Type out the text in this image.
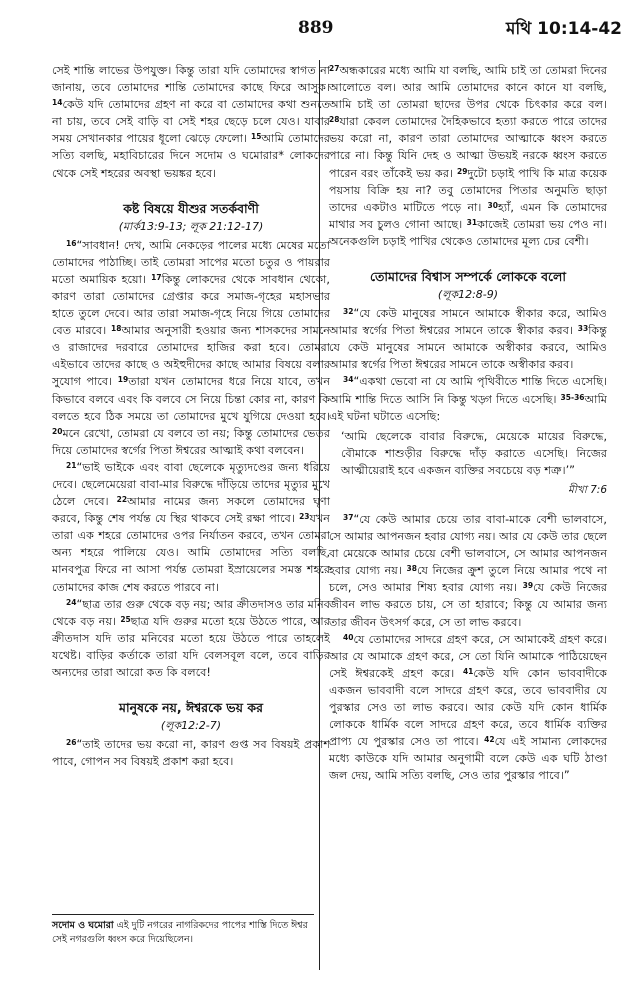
889	মথি 10:14-42

সেই শান্তি লাভের উপযুক্ত। কিন্তু তারা যদি তোমাদের স্বাগত না জানায়, তবে তোমাদের শান্তি তোমাদের কাছে ফিরে আসুক। $^{14}$কেউ যদি তোমাদের গ্রহণ না করে বা তোমাদের কথা শুনতে না চায়, তবে সেই বাড়ি বা সেই শহর ছেড়ে চলে যেও। যাবার সময় সেখানকার পায়ের ধূলো ঝেড়ে ফেলো। $^{15}$আমি তোমাদের সত্যি বলছি, মহাবিচারের দিনে সদোম ও ঘমোরার* লোকদের থেকে সেই শহরের অবস্থা ভয়ঙ্কর হবে।

কষ্ট বিষয়ে যীশুর সতর্কবাণী
(মার্ক13:9-13; লূক 21:12-17)

$^{16}$“সাবধান! দেখ, আমি নেকড়ের পালের মধ্যে মেষের মতো তোমাদের পাঠাচ্ছি। তাই তোমরা সাপের মতো চতুর ও পায়রার মতো অমায়িক হয়ো। $^{17}$কিন্তু লোকদের থেকে সাবধান থেকো, কারণ তারা তোমাদের গ্রেপ্তার করে সমাজ-গৃহের মহাসভার হাতে তুলে দেবে। আর তারা সমাজ-গৃহে নিয়ে গিয়ে তোমাদের বেত মারবে। $^{18}$আমার অনুসারী হওয়ার জন্য শাসকদের সামনে ও রাজাদের দরবারে তোমাদের হাজির করা হবে। তোমরা এইভাবে তাদের কাছে ও অইহুদীদের কাছে আমার বিষয়ে বলার সুযোগ পাবে। $^{19}$তারা যখন তোমাদের ধরে নিয়ে যাবে, তখন কিভাবে বলবে এবং কি বলবে সে নিয়ে চিন্তা কোর না, কারণ কি বলতে হবে ঠিক সময়ে তা তোমাদের মুখে যুগিয়ে দেওয়া হবে। $^{20}$মনে রেখো, তোমরা যে বলবে তা নয়; কিন্তু তোমাদের ভেতর দিয়ে তোমাদের স্বর্গের পিতা ঈশ্বরের আত্মাই কথা বলবেন।

$^{21}$“ভাই ভাইকে এবং বাবা ছেলেকে মৃত্যুদণ্ডের জন্য ধরিয়ে দেবে। ছেলেমেয়েরা বাবা-মার বিরুদ্ধে দাঁড়িয়ে তাদের মৃত্যুর মুখে ঠেলে দেবে। $^{22}$আমার নামের জন্য সকলে তোমাদের ঘৃণা করবে, কিন্তু শেষ পর্যন্ত যে স্থির থাকবে সেই রক্ষা পাবে। $^{23}$যখন তারা এক শহরে তোমাদের ওপর নির্যাতন করবে, তখন তোমরা অন্য শহরে পালিয়ে যেও। আমি তোমাদের সত্যি বলছি, মানবপুত্র ফিরে না আসা পর্যন্ত তোমরা ইস্রায়েলের সমস্ত শহরে তোমাদের কাজ শেষ করতে পারবে না।

$^{24}$“ছাত্র তার গুরু থেকে বড় নয়; আর ক্রীতদাসও তার মনিব থেকে বড় নয়। $^{25}$ছাত্র যদি গুরুর মতো হয়ে উঠতে পারে, আর ক্রীতদাস যদি তার মনিবের মতো হয়ে উঠতে পারে তাহলেই যথেষ্ট। বাড়ির কর্তাকে তারা যদি বেলসবূল বলে, তবে বাড়ির অন্যদের তারা আরো কত কি বলবে!

মানুষকে নয়, ঈশ্বরকে ভয় কর
(লূক12:2-7)

$^{26}$“তাই তাদের ভয় করো না, কারণ গুপ্ত সব বিষয়ই প্রকাশ পাবে, গোপন সব বিষয়ই প্রকাশ করা হবে।

সদোম ও ঘমোরা এই দুটি নগরের নাগরিকদের পাপের শাস্তি দিতে ঈশ্বর সেই নগরগুলি ধ্বংস করে দিয়েছিলেন।

$^{27}$অন্ধকারের মধ্যে আমি যা বলছি, আমি চাই তা তোমরা দিনের আলোতে বল। আর আমি তোমাদের কানে কানে যা বলছি, আমি চাই তা তোমরা ছাদের উপর থেকে চিৎকার করে বল। $^{28}$যারা কেবল তোমাদের দৈহিকভাবে হত্যা করতে পারে তাদের ভয় করো না, কারণ তারা তোমাদের আত্মাকে ধ্বংস করতে পারে না। কিন্তু যিনি দেহ ও আত্মা উভয়ই নরকে ধ্বংস করতে পারেন বরং তাঁকেই ভয় কর। $^{29}$দুটো চড়াই পাখি কি মাত্র কয়েক পয়সায় বিক্রি হয় না? তবু তোমাদের পিতার অনুমতি ছাড়া তাদের একটাও মাটিতে পড়ে না। $^{30}$হ্যাঁ, এমন কি তোমাদের মাথার সব চুলও গোনা আছে। $^{31}$কাজেই তোমরা ভয় পেও না। অনেকগুলি চড়াই পাখির থেকেও তোমাদের মূল্য ঢের বেশী।

তোমাদের বিশ্বাস সম্পর্কে লোককে বলো
(লূক12:8-9)

$^{32}$“যে কেউ মানুষের সামনে আমাকে স্বীকার করে, আমিও আমার স্বর্গের পিতা ঈশ্বরের সামনে তাকে স্বীকার করব। $^{33}$কিন্তু যে কেউ মানুষের সামনে আমাকে অস্বীকার করবে, আমিও আমার স্বর্গের পিতা ঈশ্বরের সামনে তাকে অস্বীকার করব।

$^{34}$“একথা ভেবো না যে আমি পৃথিবীতে শান্তি দিতে এসেছি। আমি শান্তি দিতে আসি নি কিন্তু খড়্গ দিতে এসেছি। $^{35-36}$আমি এই ঘটনা ঘটাতে এসেছি:

‘আমি ছেলেকে বাবার বিরুদ্ধে, মেয়েকে মায়ের বিরুদ্ধে, বৌমাকে শাশুড়ীর বিরুদ্ধে দাঁড় করাতে এসেছি। নিজের আত্মীয়েরাই হবে একজন ব্যক্তির সবচেয়ে বড় শত্রু।’”
মীখা 7:6

$^{37}$“যে কেউ আমার চেয়ে তার বাবা-মাকে বেশী ভালবাসে, সে আমার আপনজন হবার যোগ্য নয়। আর যে কেউ তার ছেলে বা মেয়েকে আমার চেয়ে বেশী ভালবাসে, সে আমার আপনজন হবার যোগ্য নয়। $^{38}$যে নিজের ক্রুশ তুলে নিয়ে আমার পথে না চলে, সেও আমার শিষ্য হবার যোগ্য নয়। $^{39}$যে কেউ নিজের জীবন লাভ করতে চায়, সে তা হারাবে; কিন্তু যে আমার জন্য তার জীবন উৎসর্গ করে, সে তা লাভ করবে।

$^{40}$যে তোমাদের সাদরে গ্রহণ করে, সে আমাকেই গ্রহণ করে। আর যে আমাকে গ্রহণ করে, সে তো যিনি আমাকে পাঠিয়েছেন সেই ঈশ্বরকেই গ্রহণ করে। $^{41}$কেউ যদি কোন ভাববাদীকে একজন ভাববাদী বলে সাদরে গ্রহণ করে, তবে ভাববাদীর যে পুরস্কার সেও তা লাভ করবে। আর কেউ যদি কোন ধার্মিক লোককে ধার্মিক বলে সাদরে গ্রহণ করে, তবে ধার্মিক ব্যক্তির প্রাপ্য যে পুরস্কার সেও তা পাবে। $^{42}$যে এই সামান্য লোকদের মধ্যে কাউকে যদি আমার অনুগামী বলে কেউ এক ঘটি ঠাণ্ডা জল দেয়, আমি সত্যি বলছি, সেও তার পুরস্কার পাবে।”
